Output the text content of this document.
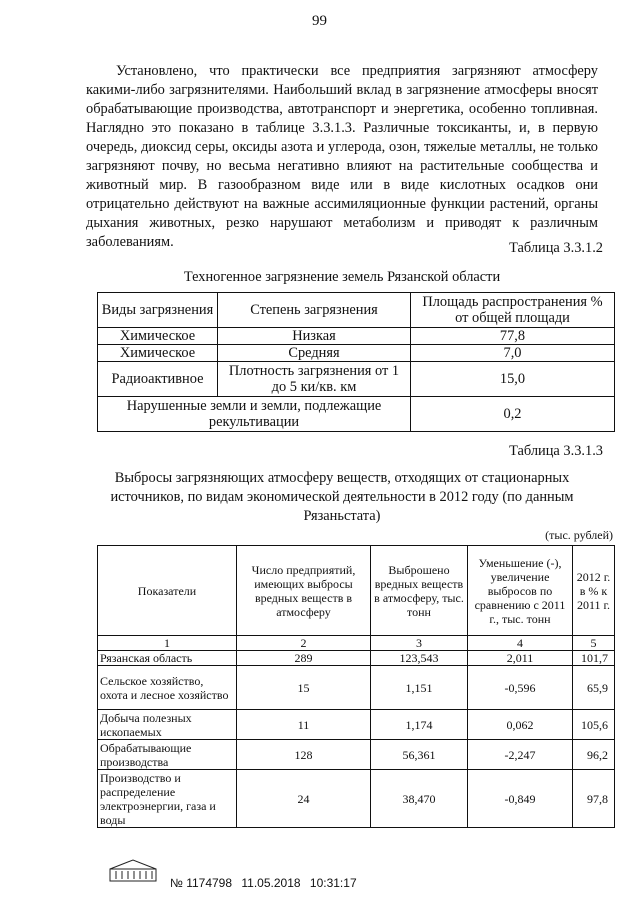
99

Установлено, что практически все предприятия загрязняют атмосферу какими-либо загрязнителями. Наибольший вклад в загрязнение атмосферы вносят обрабатывающие производства, автотранспорт и энергетика, особенно топливная. Наглядно это показано в таблице 3.3.1.3. Различные токсиканты, и, в первую очередь, диоксид серы, оксиды азота и углерода, озон, тяжелые металлы, не только загрязняют почву, но весьма негативно влияют на растительные сообщества и животный мир. В газообразном виде или в виде кислотных осадков они отрицательно действуют на важные ассимиляционные функции растений, органы дыхания животных, резко нарушают метаболизм и приводят к различным заболеваниям.	Таблица 3.3.1.2
Техногенное загрязнение земель Рязанской области
Виды загрязнения	Степень загрязнения	Площадь распространения % от общей площади
Химическое	Низкая	77,8
Химическое	Средняя	7,0
Радиоактивное	Плотность загрязнения от 1 до 5 ки/кв. км	15,0
Нарушенные земли и земли, подлежащие рекультивации		0,2
Таблица 3.3.1.3
Выбросы загрязняющих атмосферу веществ, отходящих от стационарных источников, по видам экономической деятельности в 2012 году (по данным Рязаньстата)
(тыс. рублей)
Показатели	Число предприятий, имеющих выбросы вредных веществ в атмосферу	Выброшено вредных веществ в атмосферу, тыс. тонн	Уменьшение (-), увеличение выбросов по сравнению с 2011 г., тыс. тонн	2012 г. в % к 2011 г.
1	2	3	4	5
Рязанская область	289	123,543	2,011	101,7
Сельское хозяйство, охота и лесное хозяйство	15	1,151	-0,596	65,9
Добыча полезных ископаемых	11	1,174	0,062	105,6
Обрабатывающие производства	128	56,361	-2,247	96,2
Производство и распределение электроэнергии, газа и воды	24	38,470	-0,849	97,8
№ 1174798 11.05.2018 10:31:17
